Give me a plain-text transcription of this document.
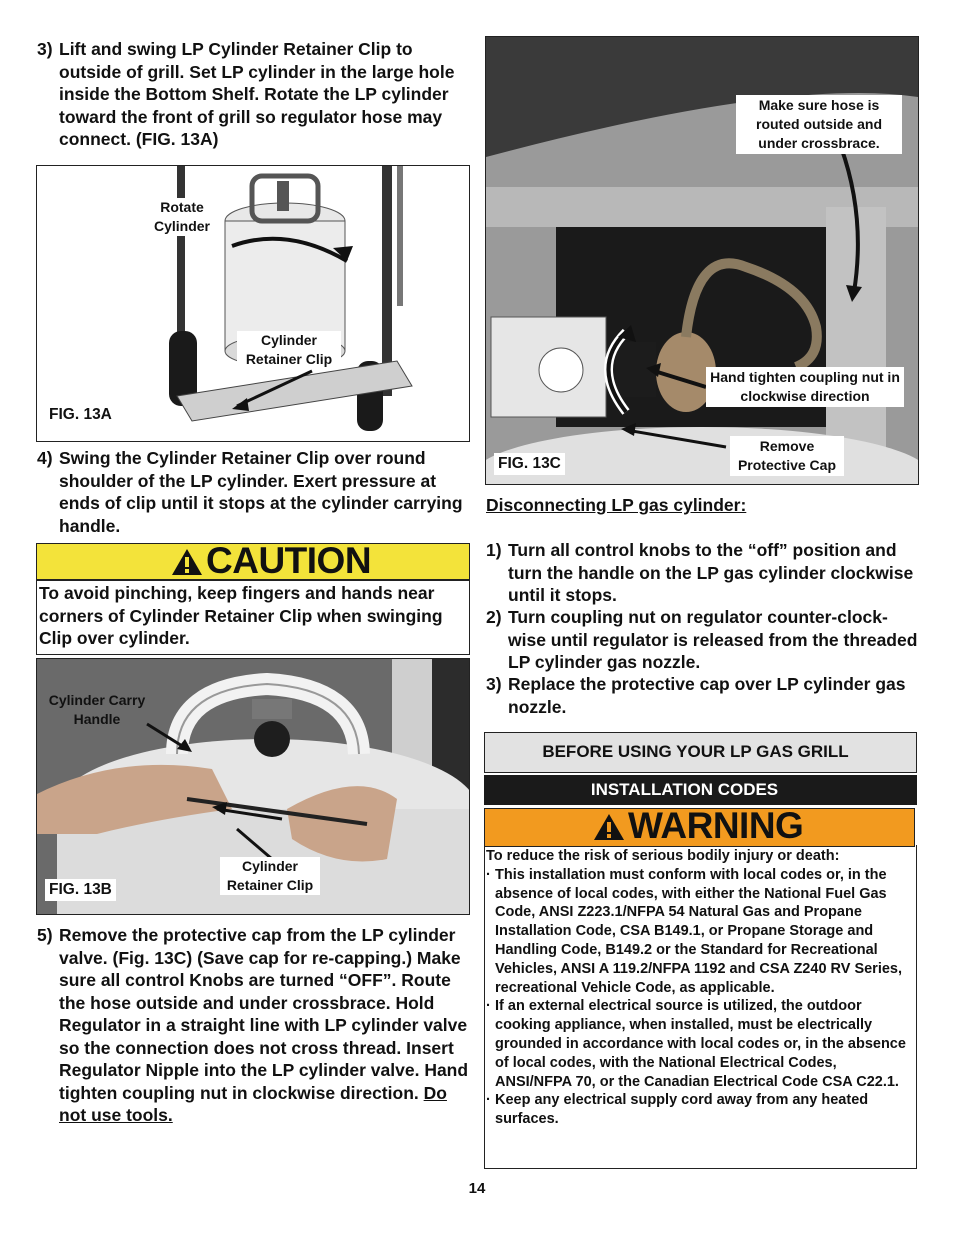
3) Lift and swing LP Cylinder Retainer Clip to outside of grill. Set LP cylinder in the large hole inside the Bottom Shelf. Rotate the LP cylinder toward the front of grill so regulator hose may connect. (FIG. 13A)
Rotate Cylinder
Cylinder Retainer Clip
FIG. 13A
4) Swing the Cylinder Retainer Clip over round shoulder of the LP cylinder. Exert pressure at ends of clip until it stops at the cylinder carrying handle.
CAUTION
To avoid pinching, keep fingers and hands near corners of Cylinder Retainer Clip when swinging Clip over cylinder.
Cylinder Carry Handle
Cylinder Retainer Clip
FIG. 13B
5) Remove the protective cap from the LP cylinder valve. (Fig. 13C) (Save cap for re-capping.) Make sure all control Knobs are turned “OFF”. Route the hose outside and under crossbrace. Hold Regulator in a straight line with LP cylinder valve so the connection does not cross thread. Insert Regulator Nipple into the LP cylinder valve. Hand tighten coupling nut in clockwise direction. Do not use tools.
Make sure hose is routed outside and under crossbrace.
Hand tighten coupling nut in clockwise direction
Remove Protective Cap
FIG. 13C
Disconnecting LP gas cylinder:
1) Turn all control knobs to the “off” position and turn the handle on the LP gas cylinder clockwise until it stops.
2) Turn coupling nut on regulator counter-clock-wise until regulator is released from the threaded LP cylinder gas nozzle.
3) Replace the protective cap over LP cylinder gas nozzle.
BEFORE USING YOUR LP GAS GRILL
INSTALLATION CODES
WARNING
To reduce the risk of serious bodily injury or death:
· This installation must conform with local codes or, in the absence of local codes, with either the National Fuel Gas Code, ANSI Z223.1/NFPA 54 Natural Gas and Propane Installation Code, CSA B149.1, or Propane Storage and Handling Code, B149.2 or the Standard for Recreational Vehicles, ANSI A 119.2/NFPA 1192 and CSA Z240 RV Series, recreational Vehicle Code, as applicable.
· If an external electrical source is utilized, the outdoor cooking appliance, when installed, must be electrically grounded in accordance with local codes or, in the absence of local codes, with the National Electrical Codes, ANSI/NFPA 70, or the Canadian Electrical Code CSA C22.1.
· Keep any electrical supply cord away from any heated surfaces.
14
